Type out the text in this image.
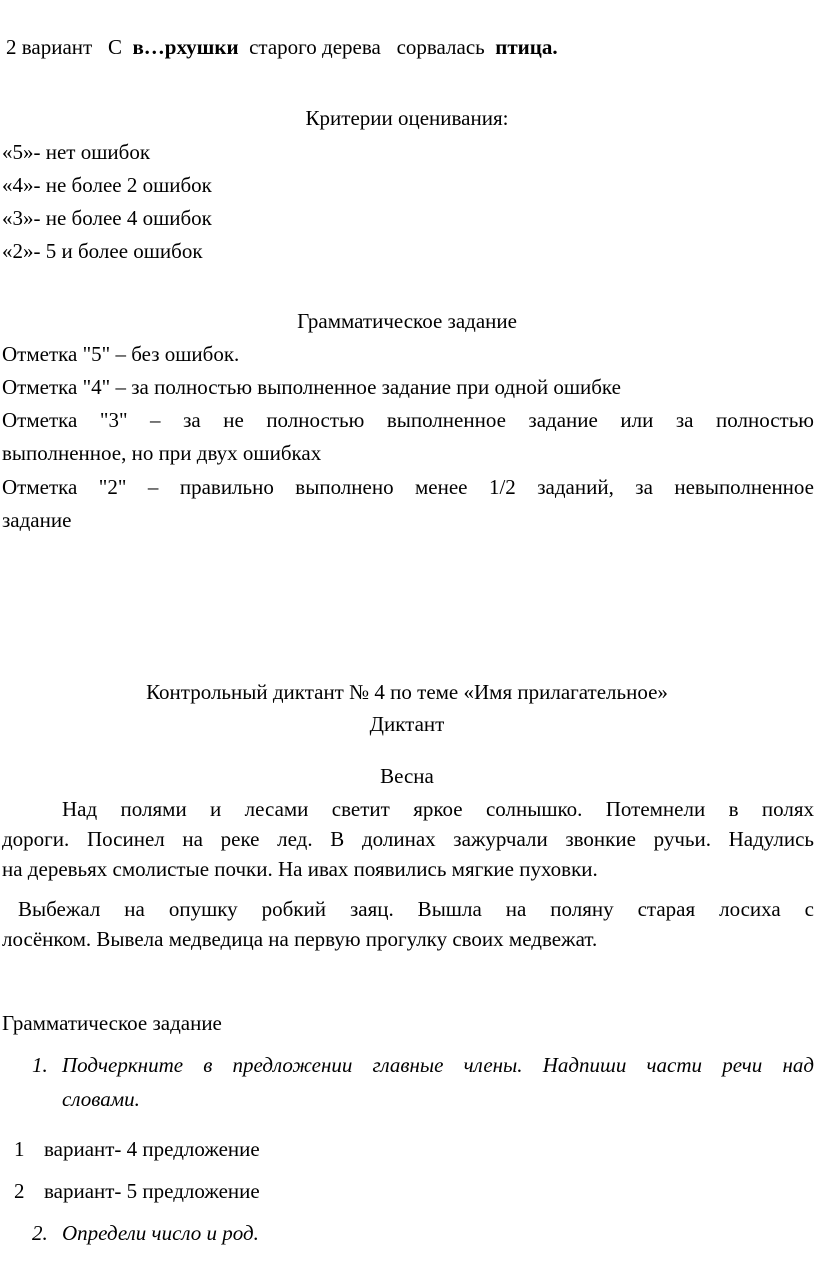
2 вариант С в…рхушки старого дерева сорвалась птица.
Критерии оценивания:
«5»- нет ошибок
«4»- не более 2 ошибок
«3»- не более 4 ошибок
«2»- 5 и более ошибок
Грамматическое задание
Отметка "5" – без ошибок.
Отметка "4" – за полностью выполненное задание при одной ошибке
Отметка "3" – за не полностью выполненное задание или за полностью
выполненное, но при двух ошибках
Отметка "2" – правильно выполнено менее 1/2 заданий, за невыполненное
задание
Контрольный диктант № 4 по теме «Имя прилагательное»
Диктант
Весна
Над полями и лесами светит яркое солнышко. Потемнели в полях
дороги. Посинел на реке лед. В долинах зажурчали звонкие ручьи. Надулись
на деревьях смолистые почки. На ивах появились мягкие пуховки.
Выбежал на опушку робкий заяц. Вышла на поляну старая лосиха с
лосёнком. Вывела медведица на первую прогулку своих медвежат.
Грамматическое задание
1. Подчеркните в предложении главные члены. Надпиши части речи над
словами.
1 вариант- 4 предложение
2 вариант- 5 предложение
2. Определи число и род.
